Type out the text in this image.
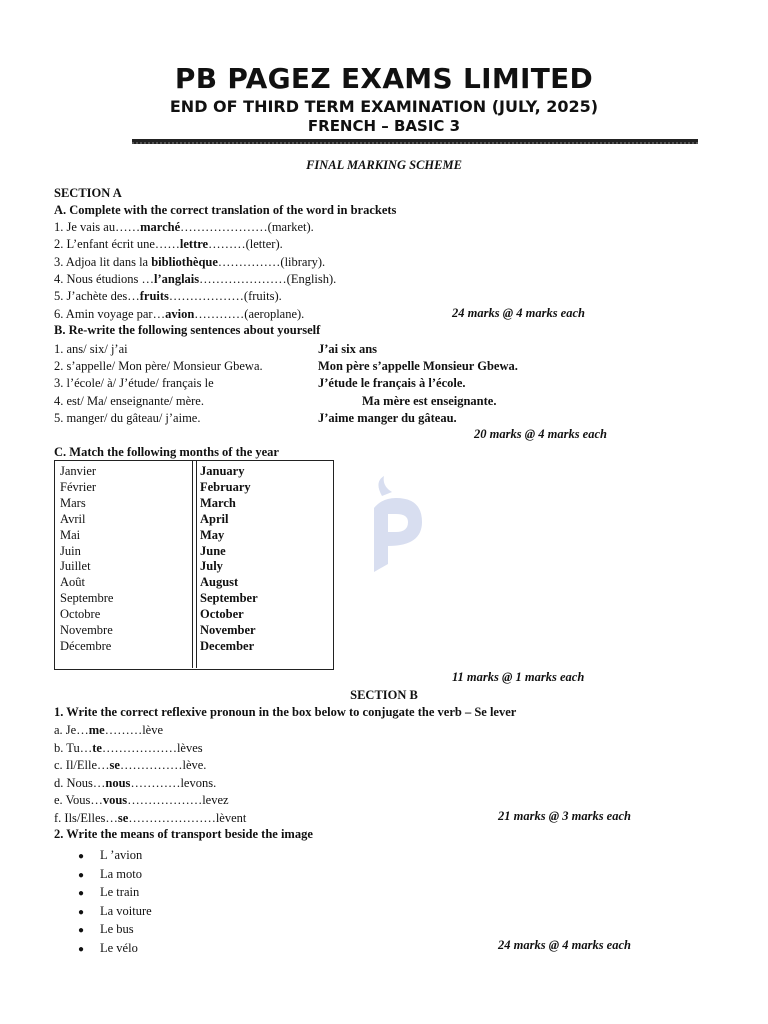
PB PAGEZ EXAMS LIMITED
END OF THIRD TERM EXAMINATION (JULY, 2025)
FRENCH – BASIC 3
FINAL MARKING SCHEME
SECTION A
A. Complete with the correct translation of the word in brackets
1. Je vais au……marché…………………(market).
2. L’enfant écrit une……lettre………(letter).
3. Adjoa lit dans la bibliothèque……………(library).
4. Nous étudions …l’anglais…………………(English).
5. J’achète des…fruits………………(fruits).
6. Amin voyage par…avion…………(aeroplane).	24 marks @ 4 marks each
B. Re-write the following sentences about yourself
1. ans/ six/ j’ai	J’ai six ans
2. s’appelle/ Mon père/ Monsieur Gbewa.	Mon père s’appelle Monsieur Gbewa.
3. l’école/ à/ J’étude/ français le	J’étude le français à l’école.
4. est/ Ma/ enseignante/ mère.	Ma mère est enseignante.
5. manger/ du gâteau/ j’aime.	J’aime manger du gâteau.
20 marks @ 4 marks each
C. Match the following months of the year
Janvier	January
Février	February
Mars	March
Avril	April
Mai	May
Juin	June
Juillet	July
Août	August
Septembre	September
Octobre	October
Novembre	November
Décembre	December
11 marks @ 1 marks each
SECTION B
1. Write the correct reflexive pronoun in the box below to conjugate the verb – Se lever
a. Je…me………lève
b. Tu…te………………lèves
c. Il/Elle…se……………lève.
d. Nous…nous…………levons.
e. Vous…vous………………levez
f. Ils/Elles…se…………………lèvent	21 marks @ 3 marks each
2. Write the means of transport beside the image
● L ’avion
● La moto
● Le train
● La voiture
● Le bus
● Le vélo	24 marks @ 4 marks each
